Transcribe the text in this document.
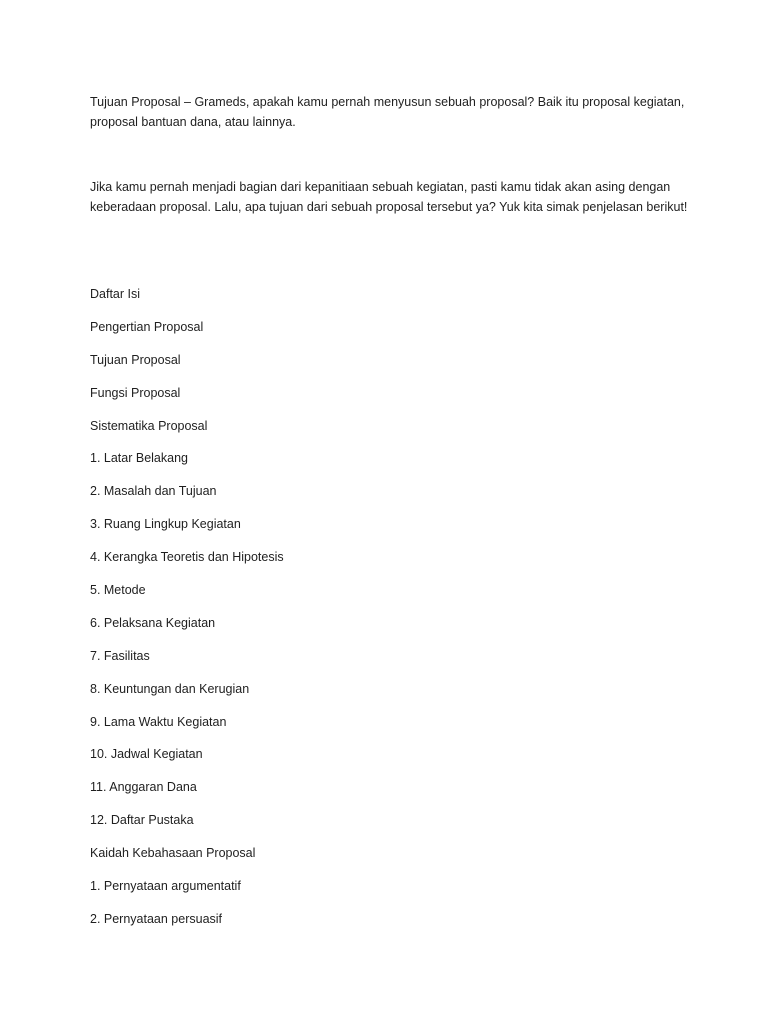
Tujuan Proposal – Grameds, apakah kamu pernah menyusun sebuah proposal? Baik itu proposal kegiatan, proposal bantuan dana, atau lainnya.

Jika kamu pernah menjadi bagian dari kepanitiaan sebuah kegiatan, pasti kamu tidak akan asing dengan keberadaan proposal. Lalu, apa tujuan dari sebuah proposal tersebut ya? Yuk kita simak penjelasan berikut!

Daftar Isi
Pengertian Proposal
Tujuan Proposal
Fungsi Proposal
Sistematika Proposal
1. Latar Belakang
2. Masalah dan Tujuan
3. Ruang Lingkup Kegiatan
4. Kerangka Teoretis dan Hipotesis
5. Metode
6. Pelaksana Kegiatan
7. Fasilitas
8. Keuntungan dan Kerugian
9. Lama Waktu Kegiatan
10. Jadwal Kegiatan
11. Anggaran Dana
12. Daftar Pustaka
Kaidah Kebahasaan Proposal
1. Pernyataan argumentatif
2. Pernyataan persuasif
